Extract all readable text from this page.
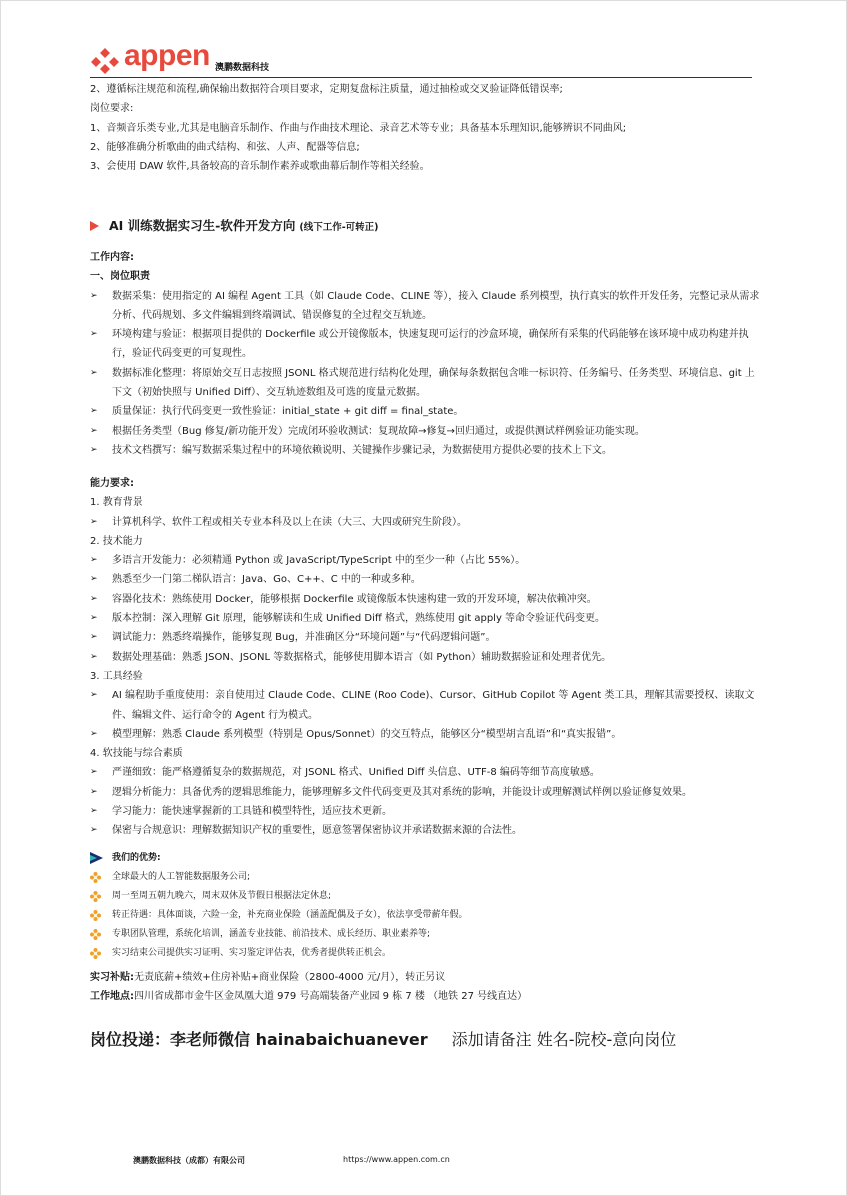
appen 澳鹏数据科技
2、遵循标注规范和流程,确保输出数据符合项目要求，定期复盘标注质量，通过抽检或交叉验证降低错误率;
岗位要求:
1、音频音乐类专业,尤其是电脑音乐制作、作曲与作曲技术理论、录音艺术等专业；具备基本乐理知识,能够辨识不同曲风;
2、能够准确分析歌曲的曲式结构、和弦、人声、配器等信息;
3、会使用 DAW 软件,具备较高的音乐制作素养或歌曲幕后制作等相关经验。
AI 训练数据实习生-软件开发方向 (线下工作-可转正)
工作内容:
一、岗位职责
➢ 数据采集：使用指定的 AI 编程 Agent 工具（如 Claude Code、CLINE 等），接入 Claude 系列模型，执行真实的软件开发任务，完整记录从需求分析、代码规划、多文件编辑到终端调试、错误修复的全过程交互轨迹。
➢ 环境构建与验证：根据项目提供的 Dockerfile 或公开镜像版本，快速复现可运行的沙盒环境，确保所有采集的代码能够在该环境中成功构建并执行，验证代码变更的可复现性。
➢ 数据标准化整理：将原始交互日志按照 JSONL 格式规范进行结构化处理，确保每条数据包含唯一标识符、任务编号、任务类型、环境信息、git 上下文（初始快照与 Unified Diff）、交互轨迹数组及可选的度量元数据。
➢ 质量保证：执行代码变更一致性验证：initial_state + git diff = final_state。
➢ 根据任务类型（Bug 修复/新功能开发）完成闭环验收测试：复现故障→修复→回归通过，或提供测试样例验证功能实现。
➢ 技术文档撰写：编写数据采集过程中的环境依赖说明、关键操作步骤记录，为数据使用方提供必要的技术上下文。
能力要求:
1. 教育背景
➢ 计算机科学、软件工程或相关专业本科及以上在读（大三、大四或研究生阶段）。
2. 技术能力
➢ 多语言开发能力：必须精通 Python 或 JavaScript/TypeScript 中的至少一种（占比 55%）。
➢ 熟悉至少一门第二梯队语言：Java、Go、C++、C 中的一种或多种。
➢ 容器化技术：熟练使用 Docker，能够根据 Dockerfile 或镜像版本快速构建一致的开发环境，解决依赖冲突。
➢ 版本控制：深入理解 Git 原理，能够解读和生成 Unified Diff 格式，熟练使用 git apply 等命令验证代码变更。
➢ 调试能力：熟悉终端操作，能够复现 Bug，并准确区分“环境问题”与“代码逻辑问题”。
➢ 数据处理基础：熟悉 JSON、JSONL 等数据格式，能够使用脚本语言（如 Python）辅助数据验证和处理者优先。
3. 工具经验
➢ AI 编程助手重度使用：亲自使用过 Claude Code、CLINE (Roo Code)、Cursor、GitHub Copilot 等 Agent 类工具，理解其需要授权、读取文件、编辑文件、运行命令的 Agent 行为模式。
➢ 模型理解：熟悉 Claude 系列模型（特别是 Opus/Sonnet）的交互特点，能够区分“模型胡言乱语”和“真实报错”。
4. 软技能与综合素质
➢ 严谨细致：能严格遵循复杂的数据规范，对 JSONL 格式、Unified Diff 头信息、UTF-8 编码等细节高度敏感。
➢ 逻辑分析能力：具备优秀的逻辑思维能力，能够理解多文件代码变更及其对系统的影响，并能设计或理解测试样例以验证修复效果。
➢ 学习能力：能快速掌握新的工具链和模型特性，适应技术更新。
➢ 保密与合规意识：理解数据知识产权的重要性，愿意签署保密协议并承诺数据来源的合法性。
我们的优势:
全球最大的人工智能数据服务公司;
周一至周五朝九晚六，周末双休及节假日根据法定休息;
转正待遇：具体面谈，六险一金，补充商业保险（涵盖配偶及子女），依法享受带薪年假。
专职团队管理，系统化培训，涵盖专业技能、前沿技术、成长经历、职业素养等;
实习结束公司提供实习证明、实习鉴定评估表，优秀者提供转正机会。
实习补贴:无责底薪+绩效+住房补贴+商业保险（2800-4000 元/月），转正另议
工作地点:四川省成都市金牛区金凤凰大道 979 号高端装备产业园 9 栋 7 楼 （地铁 27 号线直达）
岗位投递：李老师微信 hainabaichuanever 添加请备注 姓名-院校-意向岗位
澳鹏数据科技（成都）有限公司	https://www.appen.com.cn
